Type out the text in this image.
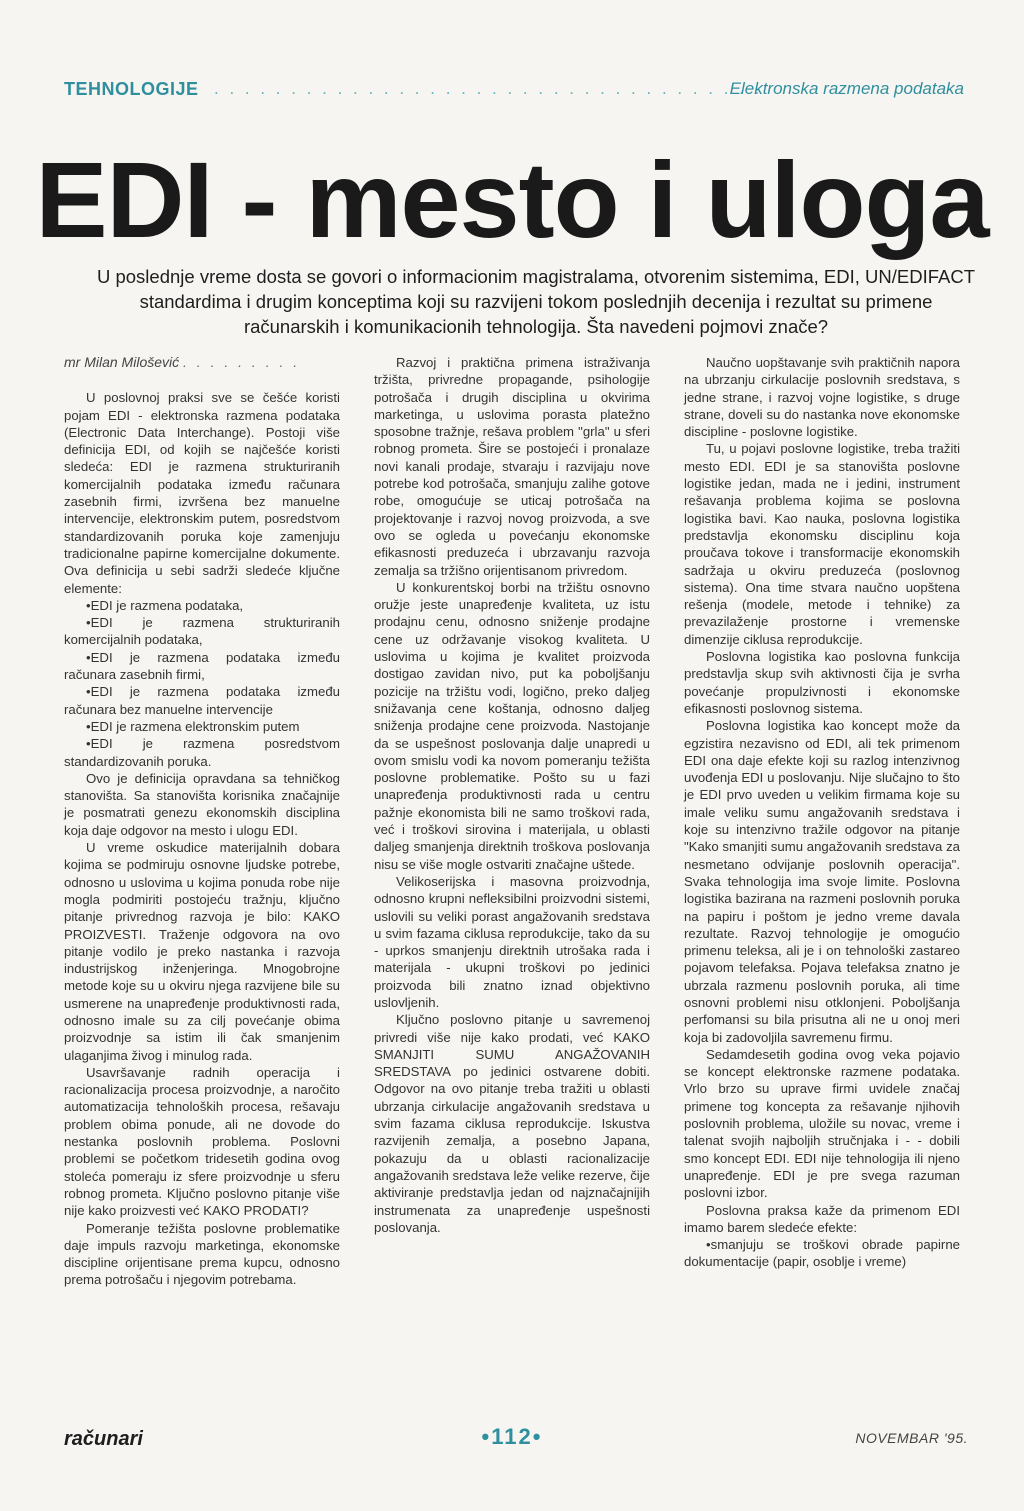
TEHNOLOGIJE . . . . . . . . . . . . . . . . . . . . . . . . . . . . . . . . . . . .
Elektronska razmena podataka
EDI - mesto i uloga
U poslednje vreme dosta se govori o informacionim magistralama, otvorenim sistemima, EDI, UN/EDIFACT standardima i drugim konceptima koji su razvijeni tokom poslednjih decenija i rezultat su primene računarskih i komunikacionih tehnologija. Šta navedeni pojmovi znače?
mr Milan Milošević . . . . . . . . .

U poslovnoj praksi sve se češće koristi pojam EDI - elektronska razmena podataka (Electronic Data Interchange). Postoji više definicija EDI, od kojih se najčešće koristi sledeća: EDI je razmena strukturiranih komercijalnih podataka između računara zasebnih firmi, izvršena bez manuelne intervencije, elektronskim putem, posredstvom standardizovanih poruka koje zamenjuju tradicionalne papirne komercijalne dokumente. Ova definicija u sebi sadrži sledeće ključne elemente:

• EDI je razmena podataka,
• EDI je razmena strukturiranih komercijalnih podataka,
• EDI je razmena podataka između računara zasebnih firmi,
• EDI je razmena podataka između računara bez manuelne intervencije
• EDI je razmena elektronskim putem
• EDI je razmena posredstvom standardizovanih poruka.

Ovo je definicija opravdana sa tehničkog stanovišta. Sa stanovišta korisnika značajnije je posmatrati genezu ekonomskih disciplina koja daje odgovor na mesto i ulogu EDI.

U vreme oskudice materijalnih dobara kojima se podmiruju osnovne ljudske potrebe, odnosno u uslovima u kojima ponuda robe nije mogla podmiriti postojeću tražnju, ključno pitanje privrednog razvoja je bilo: KAKO PROIZVESTI. Traženje odgovora na ovo pitanje vodilo je preko nastanka i razvoja industrijskog inženjeringa. Mnogobrojne metode koje su u okviru njega razvijene bile su usmerene na unapređenje produktivnosti rada, odnosno imale su za cilj povećanje obima proizvodnje sa istim ili čak smanjenim ulaganjima živog i minulog rada.

Usavršavanje radnih operacija i racionalizacija procesa proizvodnje, a naročito automatizacija tehnoloških procesa, rešavaju problem obima ponude, ali ne dovode do nestanka poslovnih problema. Poslovni problemi se početkom tridesetih godina ovog stoleća pomeraju iz sfere proizvodnje u sferu robnog prometa. Ključno poslovno pitanje više nije kako proizvesti već KAKO PRODATI?

Pomeranje težišta poslovne problematike daje impuls razvoju marketinga, ekonomske discipline orijentisane prema kupcu, odnosno prema potrošaču i njegovim potrebama.

Razvoj i praktična primena istraživanja tržišta, privredne propagande, psihologije potrošača i drugih disciplina u okvirima marketinga, u uslovima porasta platežno sposobne tražnje, rešava problem "grla" u sferi robnog prometa. Šire se postojeći i pronalaze novi kanali prodaje, stvaraju i razvijaju nove potrebe kod potrošača, smanjuju zalihe gotove robe, omogućuje se uticaj potrošača na projektovanje i razvoj novog proizvoda, a sve ovo se ogleda u povećanju ekonomske efikasnosti preduzeća i ubrzavanju razvoja zemalja sa tržišno orijentisanom privredom.

U konkurentskoj borbi na tržištu osnovno oružje jeste unapređenje kvaliteta, uz istu prodajnu cenu, odnosno sniženje prodajne cene uz održavanje visokog kvaliteta. U uslovima u kojima je kvalitet proizvoda dostigao zavidan nivo, put ka poboljšanju pozicije na tržištu vodi, logično, preko daljeg snižavanja cene koštanja, odnosno daljeg sniženja prodajne cene proizvoda. Nastojanje da se uspešnost poslovanja dalje unapredi u ovom smislu vodi ka novom pomeranju težišta poslovne problematike. Pošto su u fazi unapređenja produktivnosti rada u centru pažnje ekonomista bili ne samo troškovi rada, već i troškovi sirovina i materijala, u oblasti daljeg smanjenja direktnih troškova poslovanja nisu se više mogle ostvariti značajne uštede.

Velikoserijska i masovna proizvodnja, odnosno krupni nefleksibilni proizvodni sistemi, uslovili su veliki porast angažovanih sredstava u svim fazama ciklusa reprodukcije, tako da su - uprkos smanjenju direktnih utrošaka rada i materijala - ukupni troškovi po jedinici proizvoda bili znatno iznad objektivno uslovljenih.

Ključno poslovno pitanje u savremenoj privredi više nije kako prodati, već KAKO SMANJITI SUMU ANGAŽOVANIH SREDSTAVA po jedinici ostvarene dobiti. Odgovor na ovo pitanje treba tražiti u oblasti ubrzanja cirkulacije angažovanih sredstava u svim fazama ciklusa reprodukcije. Iskustva razvijenih zemalja, a posebno Japana, pokazuju da u oblasti racionalizacije angažovanih sredstava leže velike rezerve, čije aktiviranje predstavlja jedan od najznačajnijih instrumenata za unapređenje uspešnosti poslovanja.

Naučno uopštavanje svih praktičnih napora na ubrzanju cirkulacije poslovnih sredstava, s jedne strane, i razvoj vojne logistike, s druge strane, doveli su do nastanka nove ekonomske discipline - poslovne logistike.

Tu, u pojavi poslovne logistike, treba tražiti mesto EDI. EDI je sa stanovišta poslovne logistike jedan, mada ne i jedini, instrument rešavanja problema kojima se poslovna logistika bavi. Kao nauka, poslovna logistika predstavlja ekonomsku disciplinu koja proučava tokove i transformacije ekonomskih sadržaja u okviru preduzeća (poslovnog sistema). Ona time stvara naučno uopštena rešenja (modele, metode i tehnike) za prevazilaženje prostorne i vremenske dimenzije ciklusa reprodukcije.

Poslovna logistika kao poslovna funkcija predstavlja skup svih aktivnosti čija je svrha povećanje propulzivnosti i ekonomske efikasnosti poslovnog sistema.

Poslovna logistika kao koncept može da egzistira nezavisno od EDI, ali tek primenom EDI ona daje efekte koji su razlog intenzivnog uvođenja EDI u poslovanju. Nije slučajno to što je EDI prvo uveden u velikim firmama koje su imale veliku sumu angažovanih sredstava i koje su intenzivno tražile odgovor na pitanje "Kako smanjiti sumu angažovanih sredstava za nesmetano odvijanje poslovnih operacija". Svaka tehnologija ima svoje limite. Poslovna logistika bazirana na razmeni poslovnih poruka na papiru i poštom je jedno vreme davala rezultate. Razvoj tehnologije je omogućio primenu teleksa, ali je i on tehnološki zastareo pojavom telefaksa. Pojava telefaksa znatno je ubrzala razmenu poslovnih poruka, ali time osnovni problemi nisu otklonjeni. Poboljšanja perfomansi su bila prisutna ali ne u onoj meri koja bi zadovoljila savremenu firmu.

Sedamdesetih godina ovog veka pojavio se koncept elektronske razmene podataka. Vrlo brzo su uprave firmi uvidele značaj primene tog koncepta za rešavanje njihovih poslovnih problema, uložile su novac, vreme i talenat svojih najboljih stručnjaka i - - dobili smo koncept EDI. EDI nije tehnologija ili njeno unapređenje. EDI je pre svega razuman poslovni izbor.

Poslovna praksa kaže da primenom EDI imamo barem sledeće efekte:

• smanjuju se troškovi obrade papirne dokumentacije (papir, osoblje i vreme)
računari	•112•	NOVEMBAR '95.
